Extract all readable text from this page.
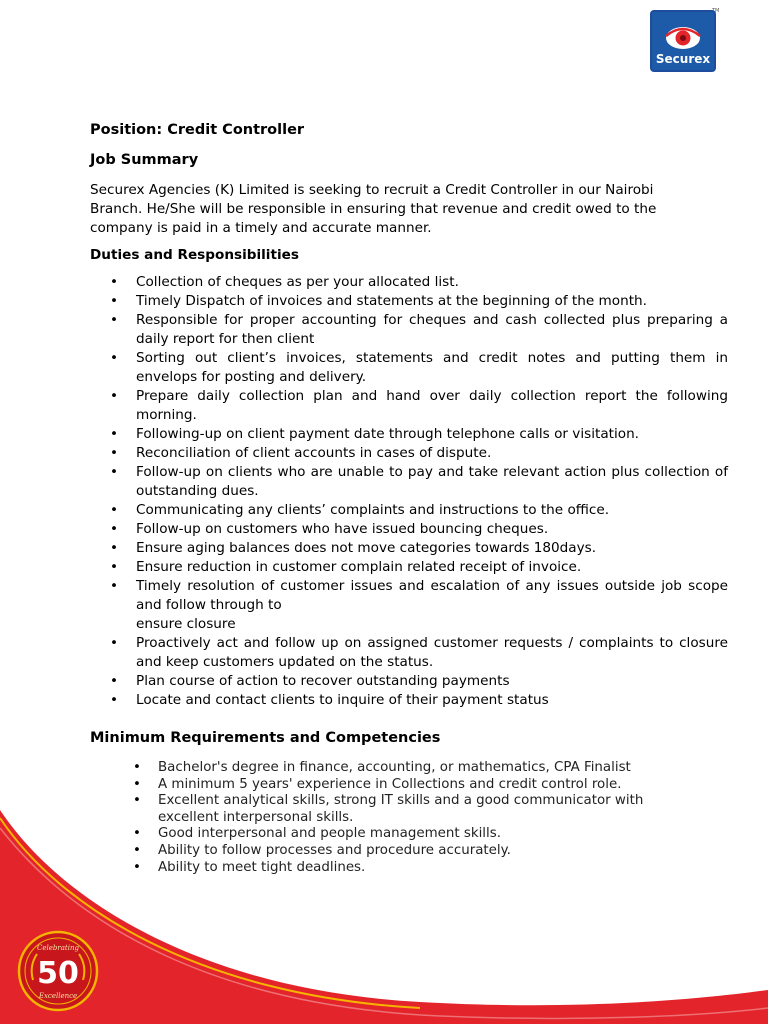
Securex
TM
Position: Credit Controller
Job Summary

Securex Agencies (K) Limited is seeking to recruit a Credit Controller in our Nairobi Branch. He/She will be responsible in ensuring that revenue and credit owed to the company is paid in a timely and accurate manner.

Duties and Responsibilities
• Collection of cheques as per your allocated list.
• Timely Dispatch of invoices and statements at the beginning of the month.
• Responsible for proper accounting for cheques and cash collected plus preparing a daily report for then client
• Sorting out client’s invoices, statements and credit notes and putting them in envelops for posting and delivery.
• Prepare daily collection plan and hand over daily collection report the following morning.
• Following-up on client payment date through telephone calls or visitation.
• Reconciliation of client accounts in cases of dispute.
• Follow-up on clients who are unable to pay and take relevant action plus collection of outstanding dues.
• Communicating any clients’ complaints and instructions to the office.
• Follow-up on customers who have issued bouncing cheques.
• Ensure aging balances does not move categories towards 180days.
• Ensure reduction in customer complain related receipt of invoice.
• Timely resolution of customer issues and escalation of any issues outside job scope and follow through to
ensure closure
• Proactively act and follow up on assigned customer requests / complaints to closure and keep customers updated on the status.
• Plan course of action to recover outstanding payments
• Locate and contact clients to inquire of their payment status
Minimum Requirements and Competencies
• Bachelor's degree in finance, accounting, or mathematics, CPA Finalist
• A minimum 5 years' experience in Collections and credit control role.
• Excellent analytical skills, strong IT skills and a good communicator with excellent interpersonal skills.
• Good interpersonal and people management skills.
• Ability to follow processes and procedure accurately.
• Ability to meet tight deadlines.
Celebrating
50
Excellence
